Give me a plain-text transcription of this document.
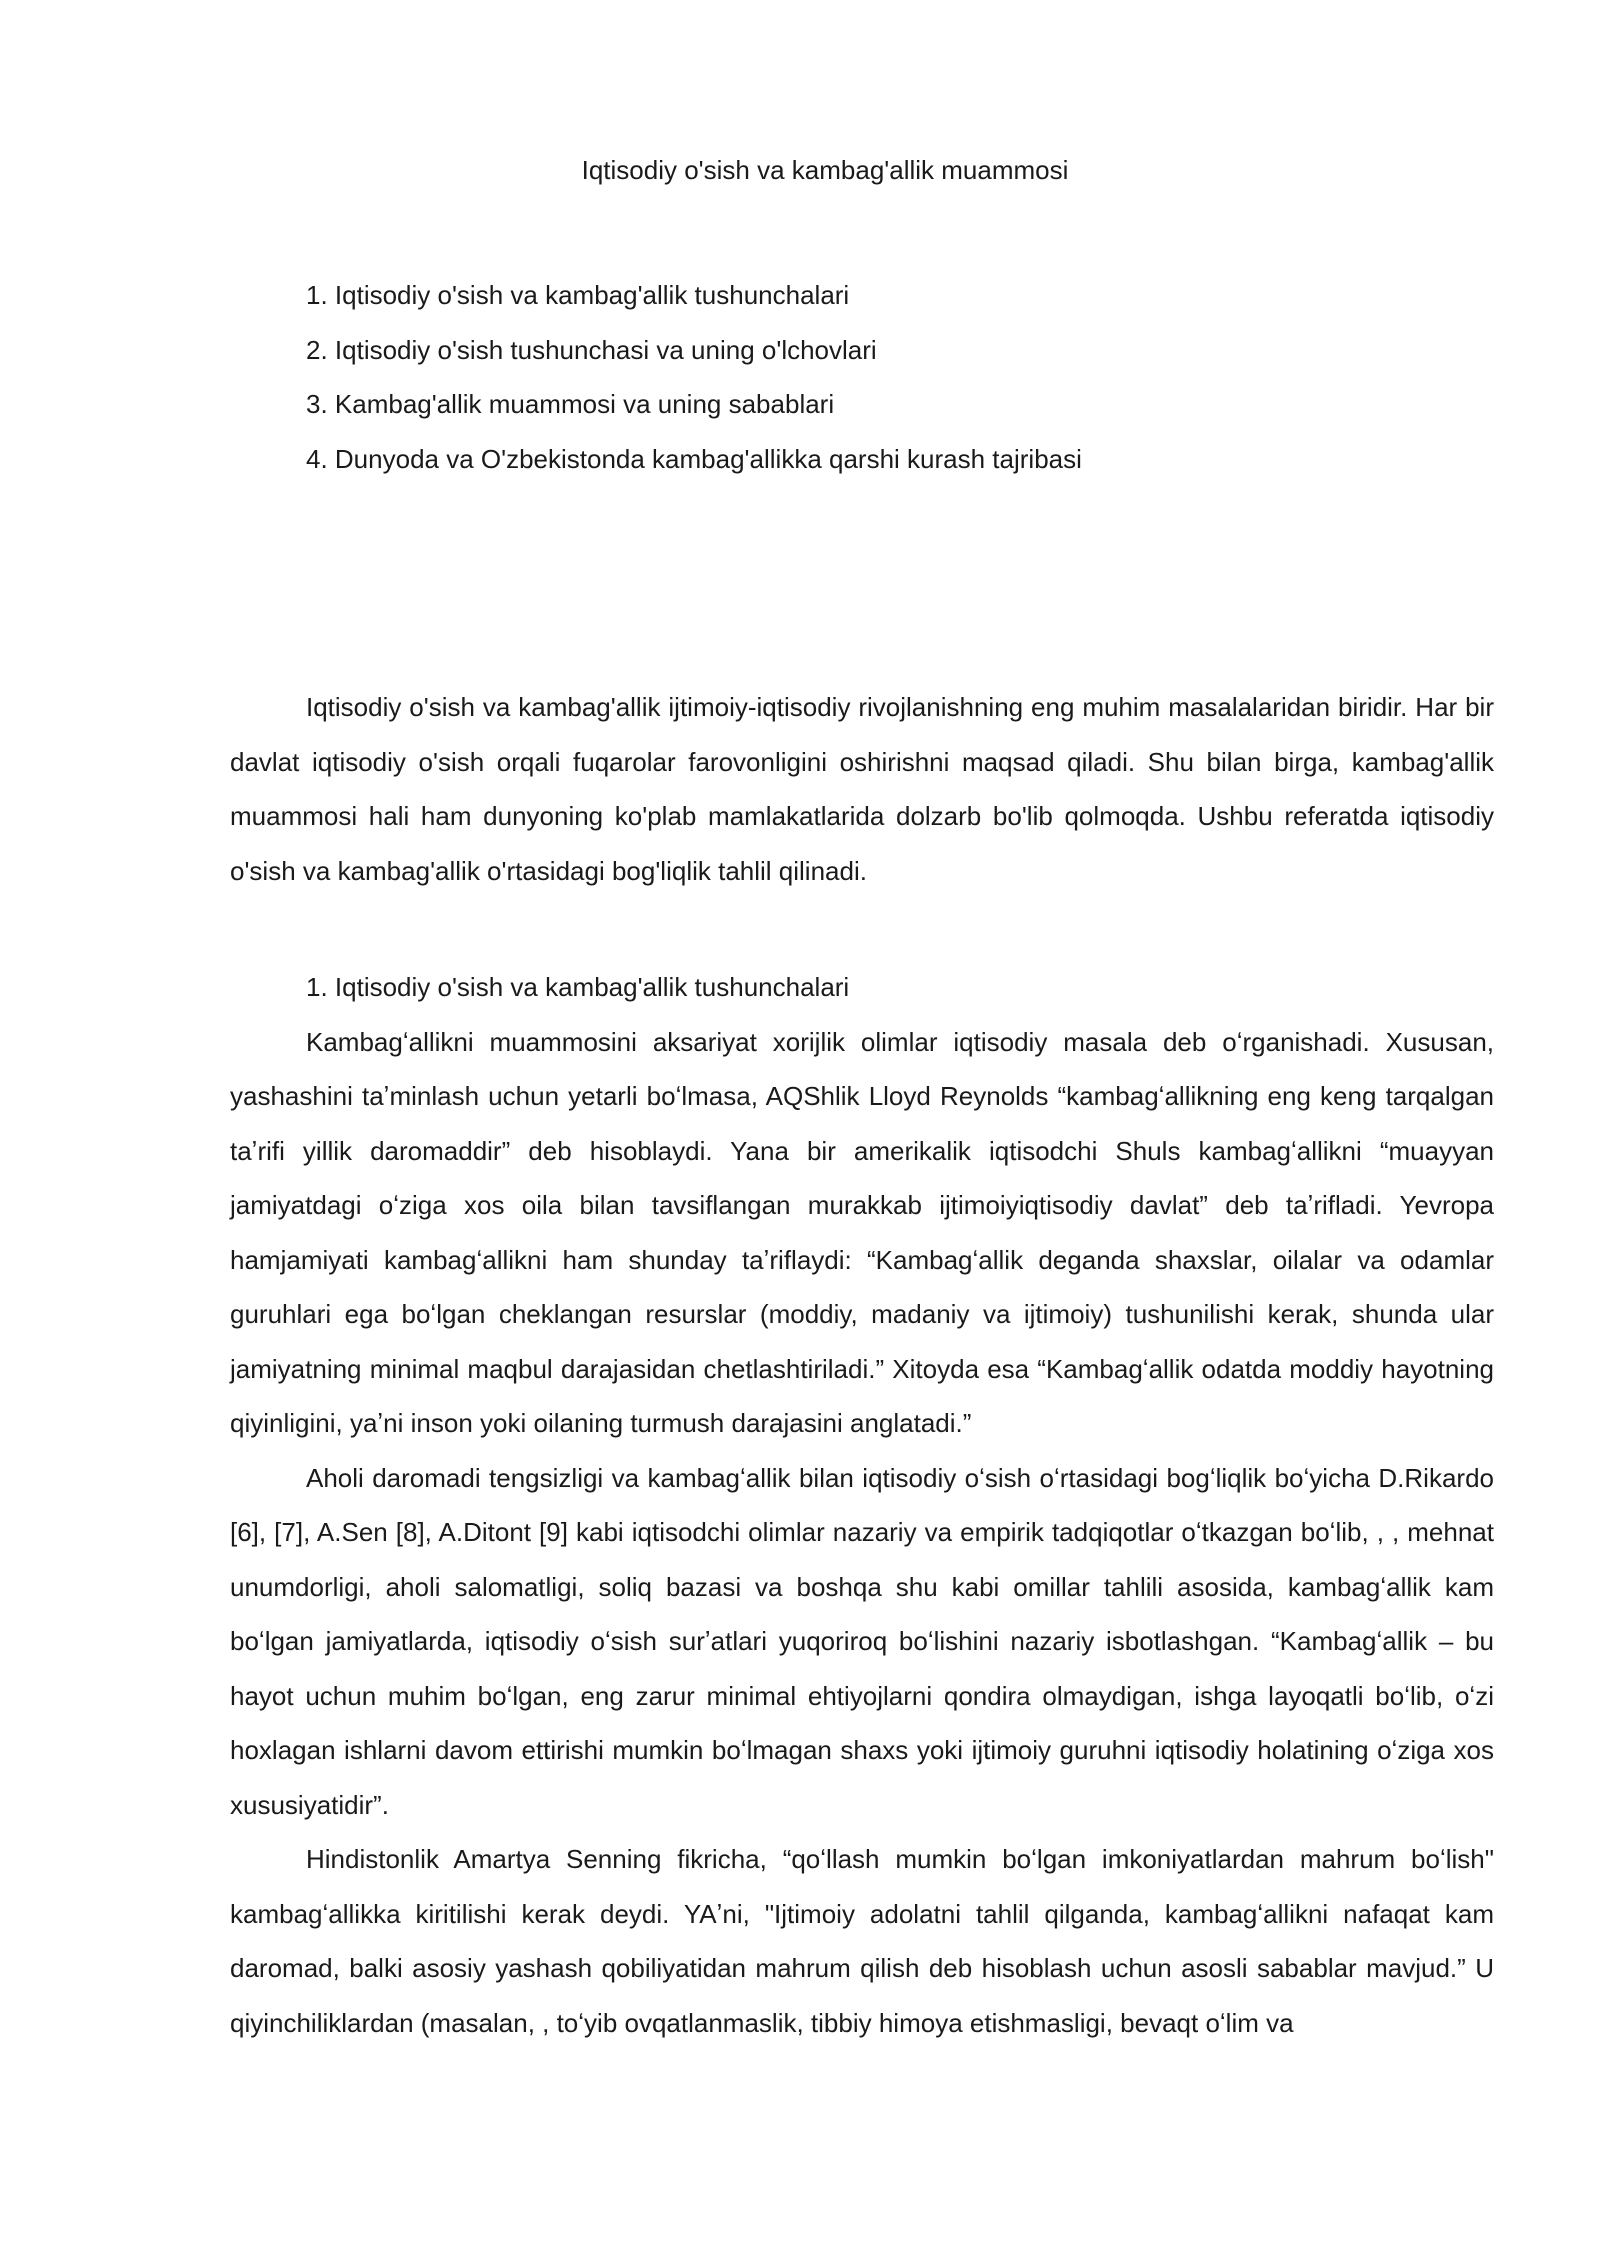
Iqtisodiy o'sish va kambag'allik muammosi
1. Iqtisodiy o'sish va kambag'allik tushunchalari
2. Iqtisodiy o'sish tushunchasi va uning o'lchovlari
3. Kambag'allik muammosi va uning sabablari
4. Dunyoda va O'zbekistonda kambag'allikka qarshi kurash tajribasi

Iqtisodiy o'sish va kambag'allik ijtimoiy-iqtisodiy rivojlanishning eng muhim masalalaridan biridir. Har bir davlat iqtisodiy o'sish orqali fuqarolar farovonligini oshirishni maqsad qiladi. Shu bilan birga, kambag'allik muammosi hali ham dunyoning ko'plab mamlakatlarida dolzarb bo'lib qolmoqda. Ushbu referatda iqtisodiy o'sish va kambag'allik o'rtasidagi bog'liqlik tahlil qilinadi.

1. Iqtisodiy o'sish va kambag'allik tushunchalari

Kambagʻallikni muammosini aksariyat xorijlik olimlar iqtisodiy masala deb oʻrganishadi. Xususan, yashashini taʼminlash uchun yetarli boʻlmasa, AQShlik Lloyd Reynolds “kambagʻallikning eng keng tarqalgan taʼrifi yillik daromaddir” deb hisoblaydi. Yana bir amerikalik iqtisodchi Shuls kambagʻallikni “muayyan jamiyatdagi oʻziga xos oila bilan tavsiflangan murakkab ijtimoiyiqtisodiy davlat” deb taʼrifladi. Yevropa hamjamiyati kambagʻallikni ham shunday taʼriflaydi: “Kambagʻallik deganda shaxslar, oilalar va odamlar guruhlari ega boʻlgan cheklangan resurslar (moddiy, madaniy va ijtimoiy) tushunilishi kerak, shunda ular jamiyatning minimal maqbul darajasidan chetlashtiriladi.” Xitoyda esa “Kambagʻallik odatda moddiy hayotning qiyinligini, yaʼni inson yoki oilaning turmush darajasini anglatadi.”

Aholi daromadi tengsizligi va kambagʻallik bilan iqtisodiy oʻsish oʻrtasidagi bogʻliqlik boʻyicha D.Rikardo [6], [7], A.Sen [8], A.Ditont [9] kabi iqtisodchi olimlar nazariy va empirik tadqiqotlar oʻtkazgan boʻlib, , , mehnat unumdorligi, aholi salomatligi, soliq bazasi va boshqa shu kabi omillar tahlili asosida, kambagʻallik kam boʻlgan jamiyatlarda, iqtisodiy oʻsish surʼatlari yuqoriroq boʻlishini nazariy isbotlashgan. “Kambagʻallik – bu hayot uchun muhim boʻlgan, eng zarur minimal ehtiyojlarni qondira olmaydigan, ishga layoqatli boʻlib, oʻzi hoxlagan ishlarni davom ettirishi mumkin boʻlmagan shaxs yoki ijtimoiy guruhni iqtisodiy holatining oʻziga xos xususiyatidir”.

Hindistonlik Amartya Senning fikricha, “qoʻllash mumkin boʻlgan imkoniyatlardan mahrum boʻlish" kambagʻallikka kiritilishi kerak deydi. YAʼni, "Ijtimoiy adolatni tahlil qilganda, kambagʻallikni nafaqat kam daromad, balki asosiy yashash qobiliyatidan mahrum qilish deb hisoblash uchun asosli sabablar mavjud.” U qiyinchiliklardan (masalan, , toʻyib ovqatlanmaslik, tibbiy himoya etishmasligi, bevaqt oʻlim va
